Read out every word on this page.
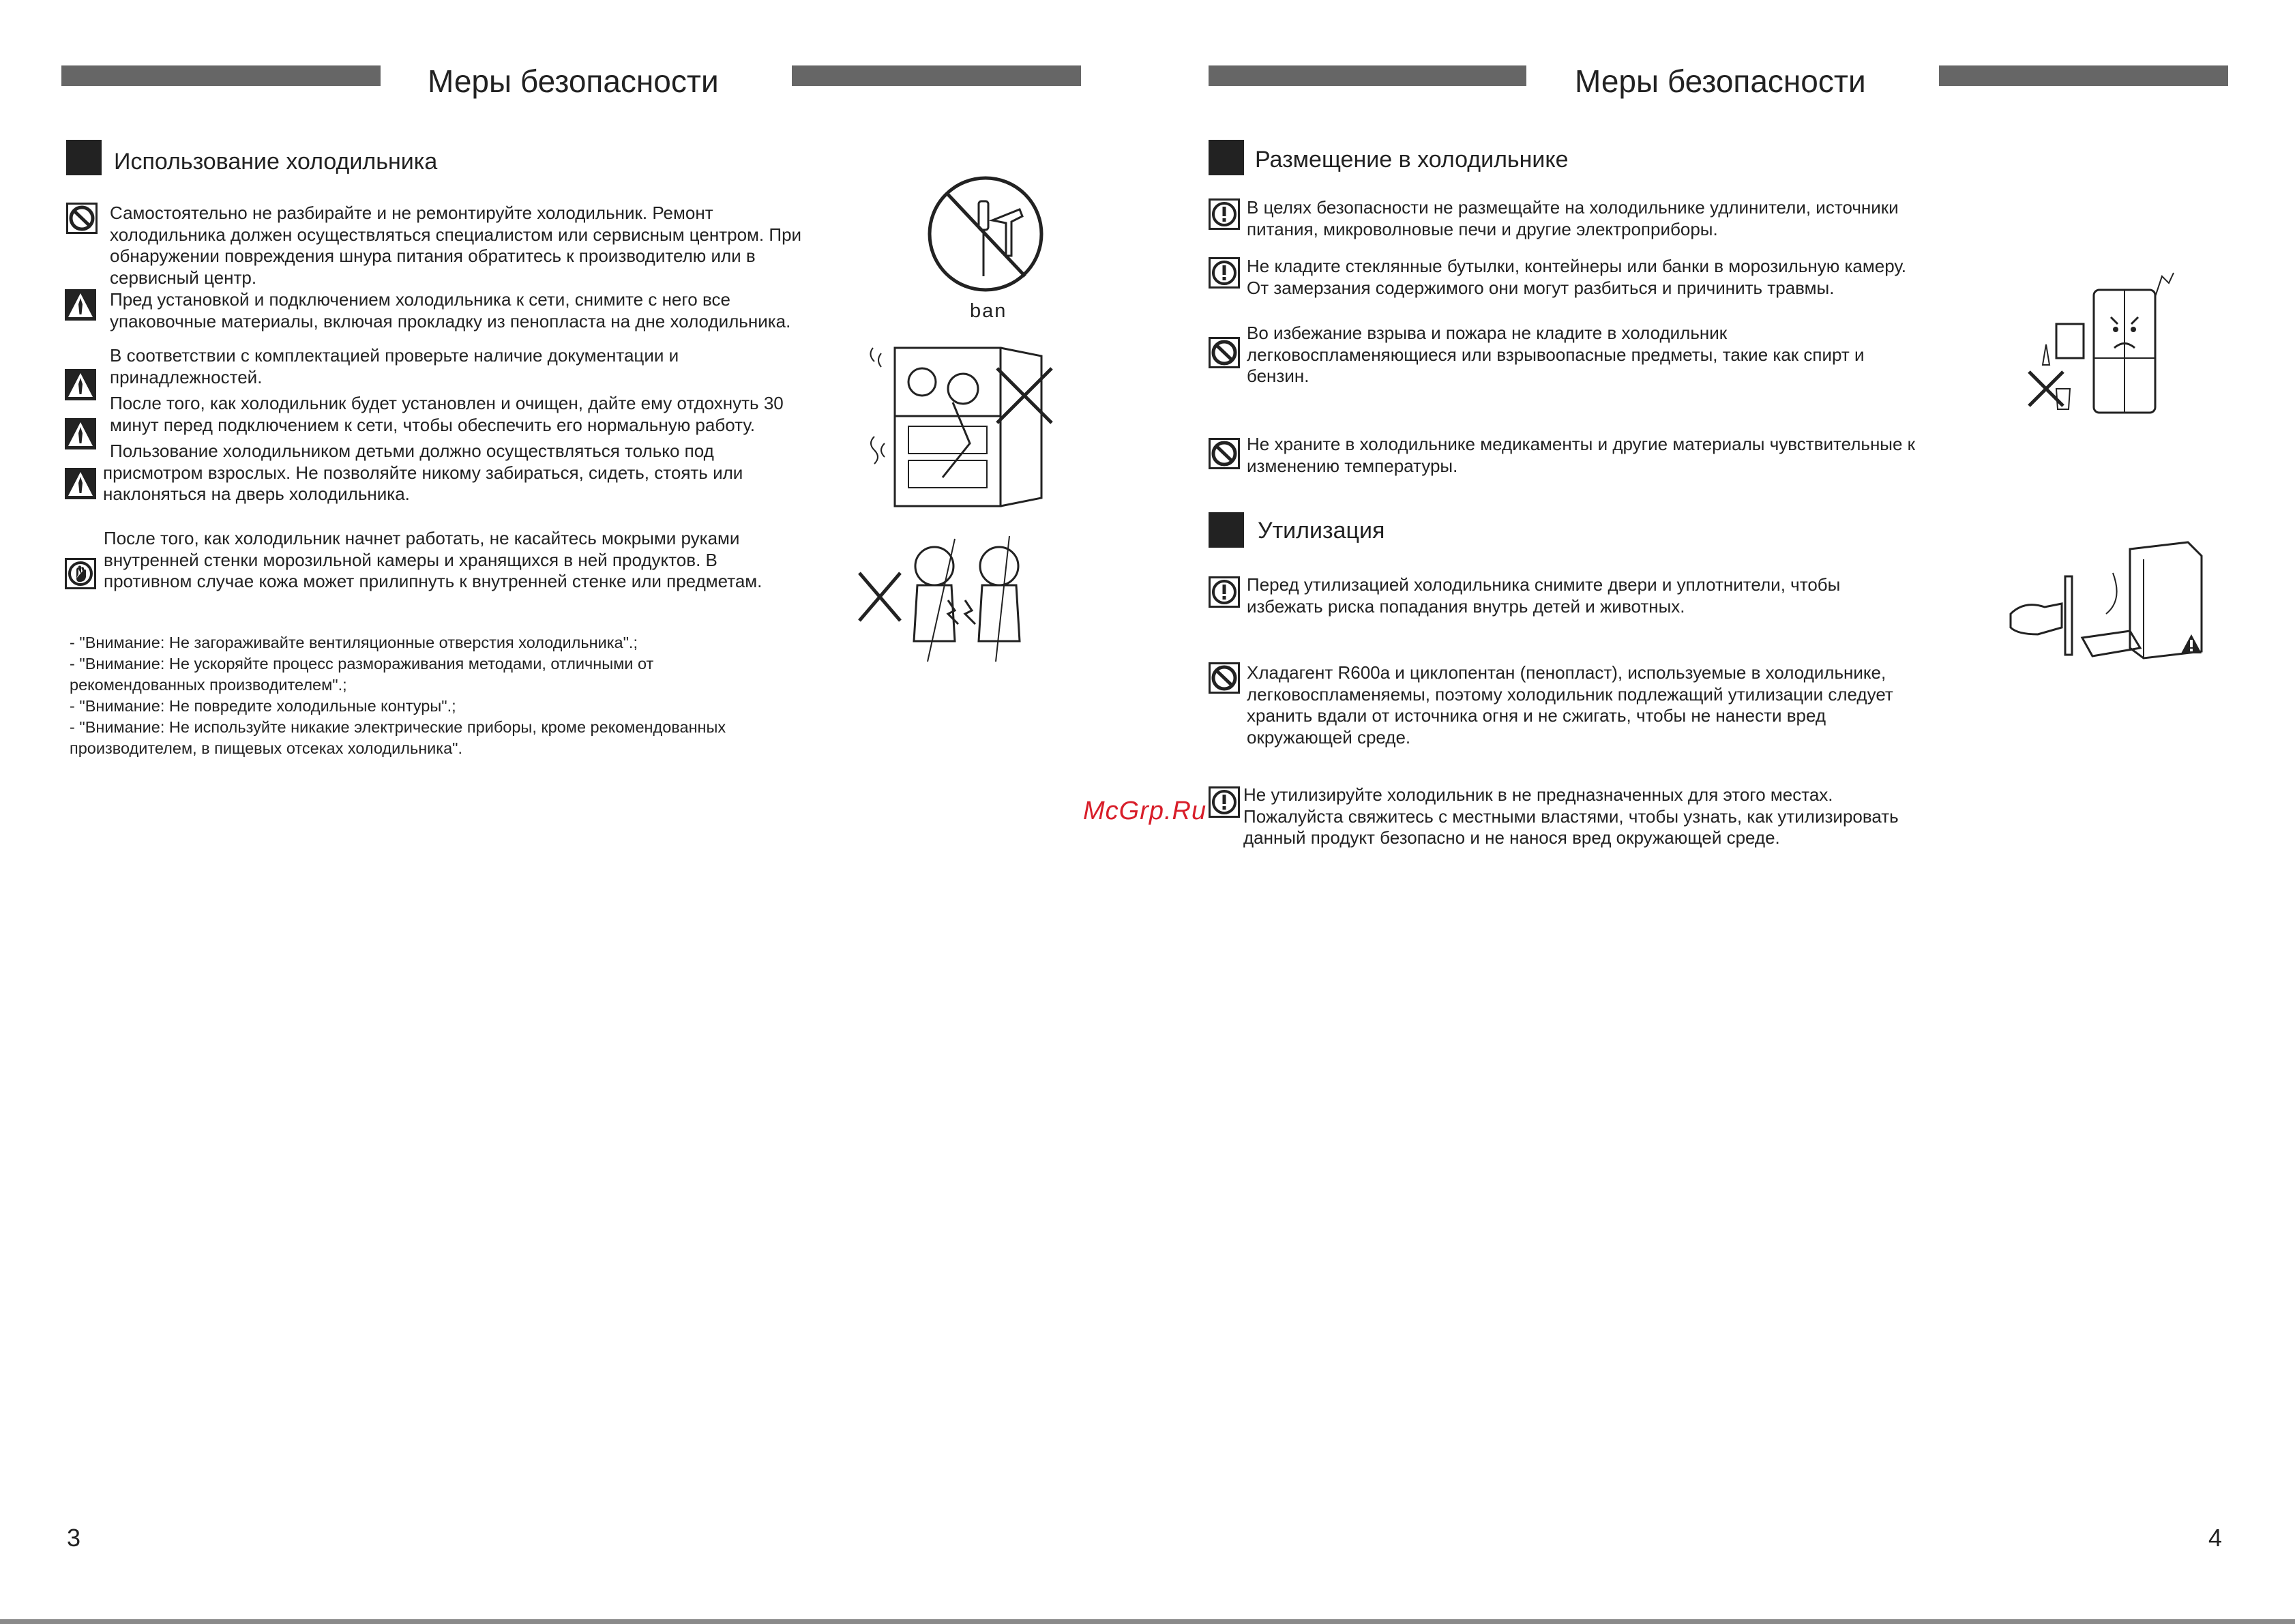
Меры безопасности
Использование холодильника
Самостоятельно не разбирайте и не ремонтируйте холодильник. Ремонт
холодильника должен осуществляться специалистом или сервисным центром. При
обнаружении повреждения шнура питания обратитесь к производителю или в
сервисный центр.
Пред установкой и подключением холодильника к сети, снимите с него все
упаковочные материалы, включая прокладку из пенопласта на дне холодильника.
В соответствии с комплектацией проверьте наличие документации и
принадлежностей.
После того, как холодильник будет установлен и очищен, дайте ему отдохнуть 30
минут перед подключением к сети, чтобы обеспечить его нормальную работу.
Пользование холодильником детьми должно осуществляться только под
присмотром взрослых. Не позволяйте никому забираться, сидеть, стоять или
наклоняться на дверь холодильника.
После того, как холодильник начнет работать, не касайтесь мокрыми руками
внутренней стенки морозильной камеры и хранящихся в ней продуктов. В
противном случае кожа может прилипнуть к внутренней стенке или предметам.
ban
- "Внимание: Не загораживайте вентиляционные отверстия холодильника".;
- "Внимание: Не ускоряйте процесс размораживания методами, отличными от
рекомендованных производителем".;
- "Внимание: Не повредите холодильные контуры".;
- "Внимание: Не используйте никакие электрические приборы, кроме рекомендованных
производителем, в пищевых отсеках холодильника".
3
Меры безопасности
Размещение в холодильнике
В целях безопасности не размещайте на холодильнике удлинители, источники
питания, микроволновые печи и другие электроприборы.
Не кладите стеклянные бутылки, контейнеры или банки в морозильную камеру.
От замерзания содержимого они могут разбиться и причинить травмы.
Во избежание взрыва и пожара не кладите в холодильник
легковоспламеняющиеся или взрывоопасные предметы, такие как спирт и
бензин.
Не храните в холодильнике медикаменты и другие материалы чувствительные к
изменению температуры.
Утилизация
Перед утилизацией холодильника снимите двери и уплотнители, чтобы
избежать риска попадания внутрь детей и животных.
Хладагент R600a и циклопентан (пенопласт), используемые в холодильнике,
легковоспламеняемы, поэтому холодильник подлежащий утилизации следует
хранить вдали от источника огня и не сжигать, чтобы не нанести вред
окружающей среде.
Не утилизируйте холодильник в не предназначенных для этого местах.
Пожалуйста свяжитесь с местными властями, чтобы узнать, как утилизировать
данный продукт безопасно и не нанося вред окружающей среде.
McGrp.Ru
4
